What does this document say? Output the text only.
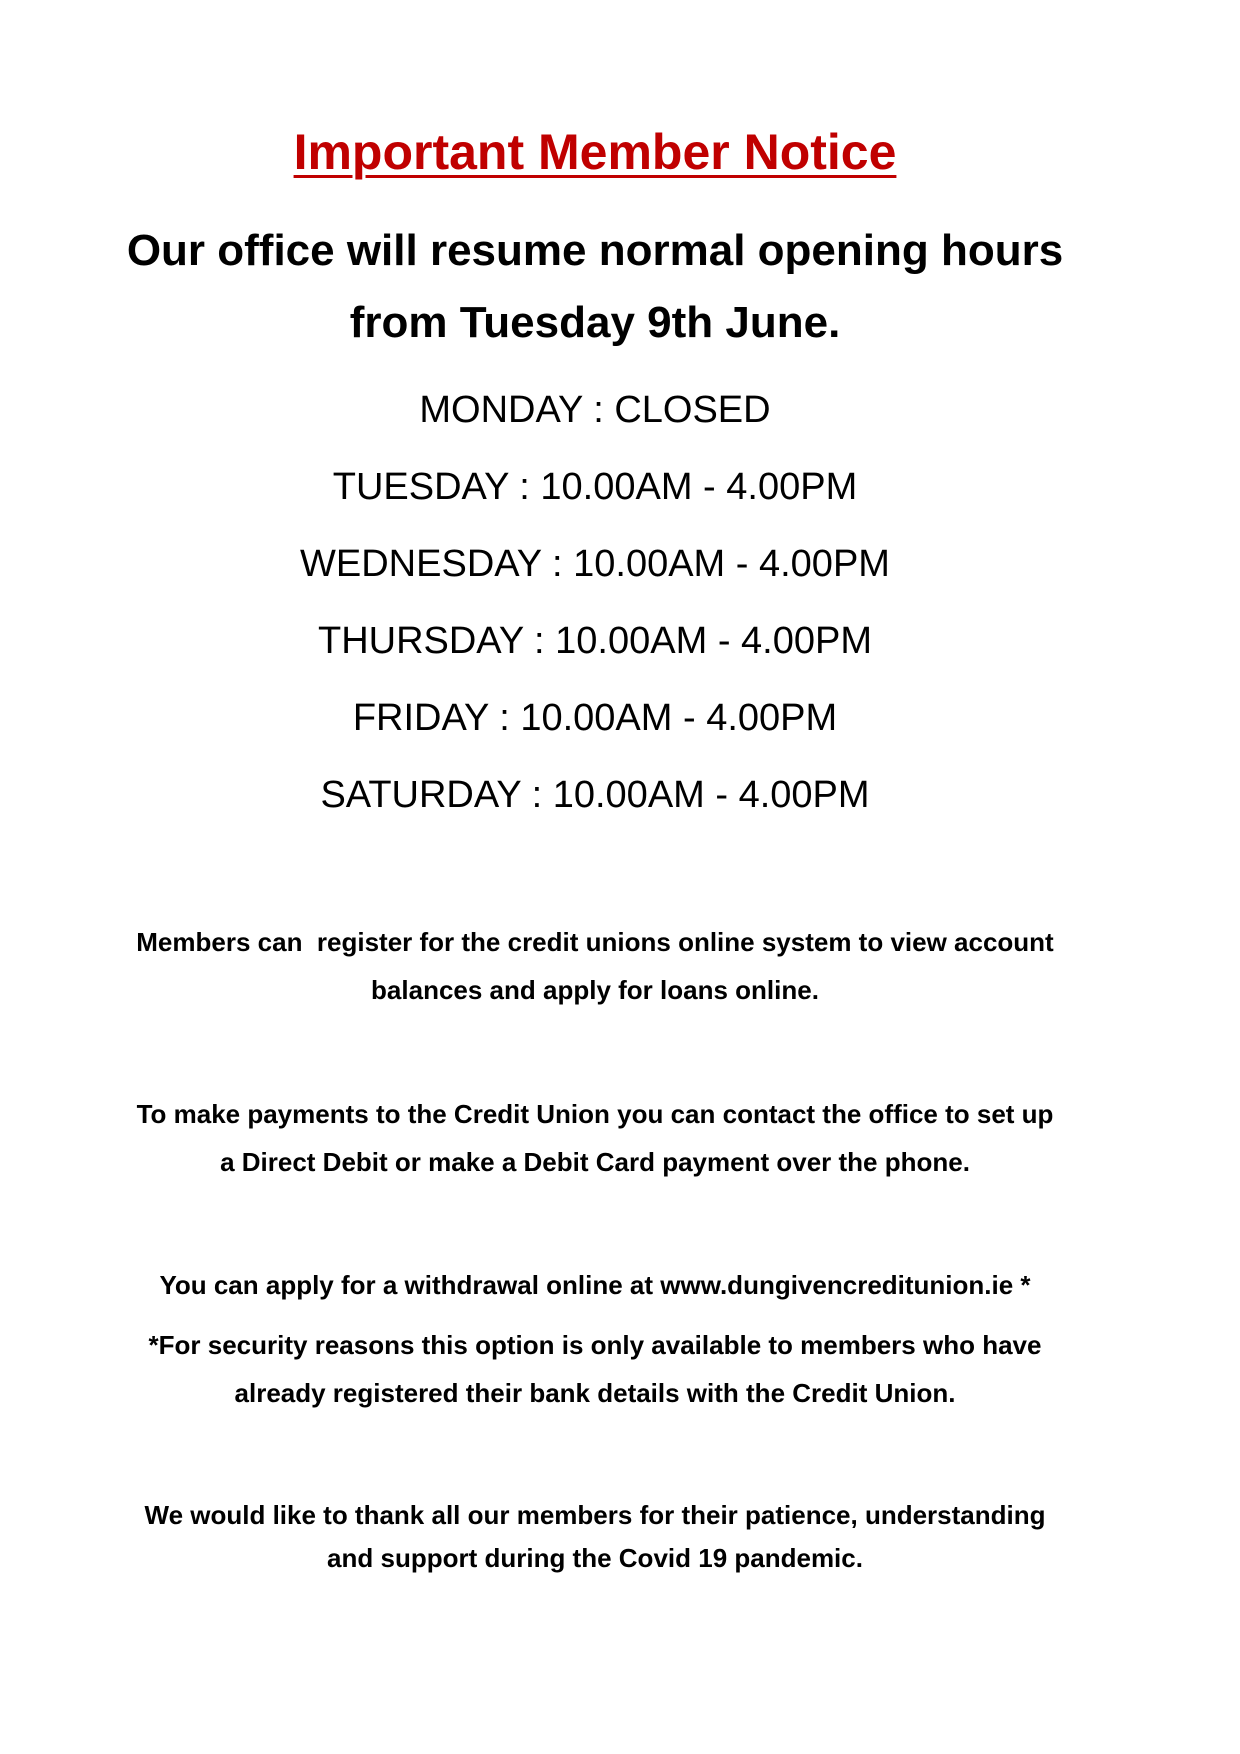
Important Member Notice
Our office will resume normal opening hours
from Tuesday 9th June.
MONDAY : CLOSED
TUESDAY : 10.00AM - 4.00PM
WEDNESDAY : 10.00AM - 4.00PM
THURSDAY : 10.00AM - 4.00PM
FRIDAY : 10.00AM - 4.00PM
SATURDAY : 10.00AM - 4.00PM
Members can  register for the credit unions online system to view account
balances and apply for loans online.
To make payments to the Credit Union you can contact the office to set up
a Direct Debit or make a Debit Card payment over the phone.
You can apply for a withdrawal online at www.dungivencreditunion.ie *
*For security reasons this option is only available to members who have
already registered their bank details with the Credit Union.
We would like to thank all our members for their patience, understanding
and support during the Covid 19 pandemic.
